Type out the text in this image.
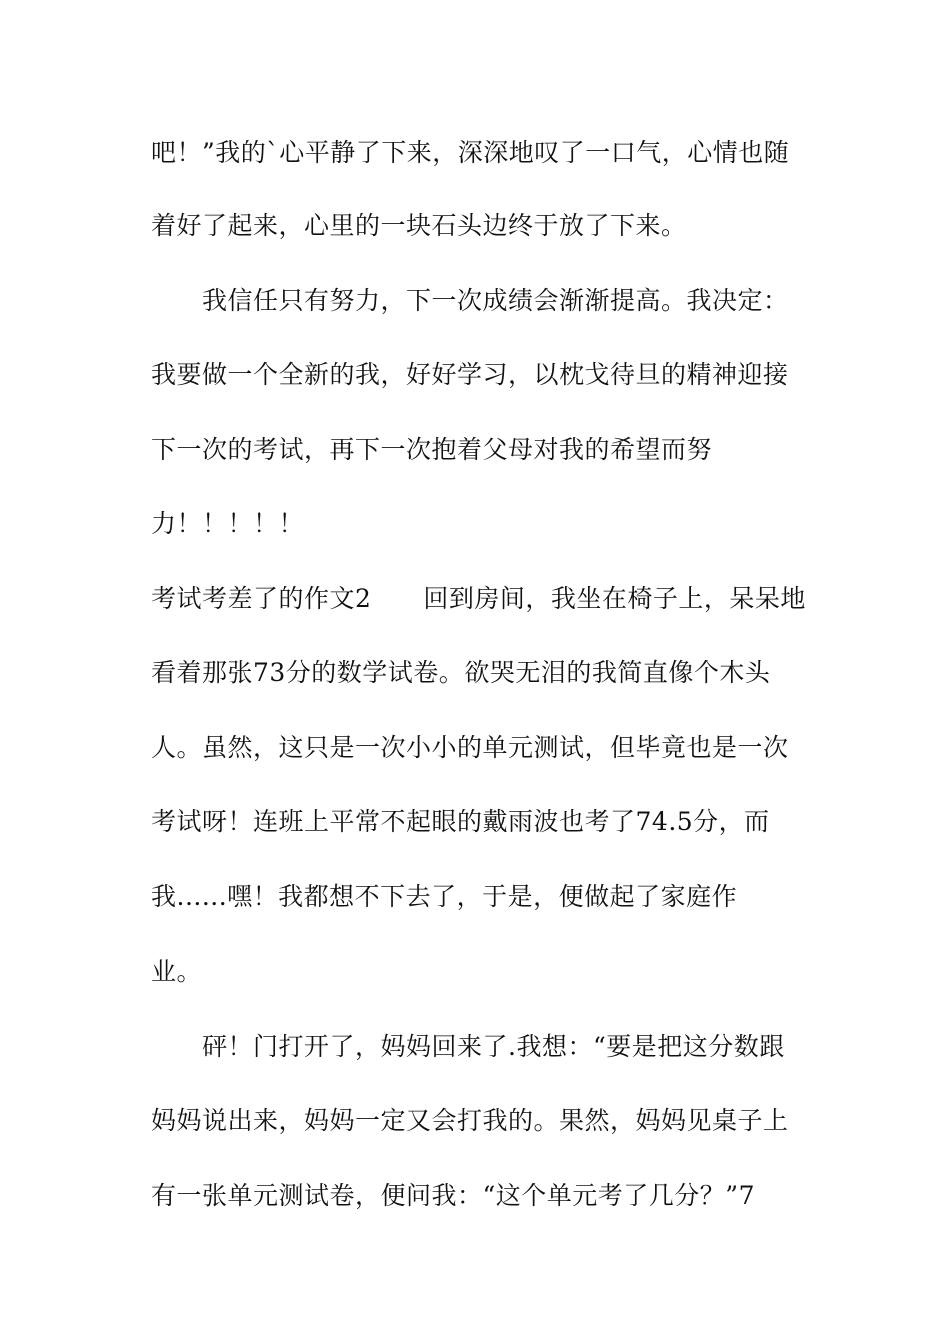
吧！”我的`心平静了下来，深深地叹了一口气，心情也随
着好了起来，心里的一块石头边终于放了下来。
我信任只有努力，下一次成绩会渐渐提高。我决定：
我要做一个全新的我，好好学习，以枕戈待旦的精神迎接
下一次的考试，再下一次抱着父母对我的希望而努
力！！！！！
考试考差了的作文2 回到房间，我坐在椅子上，呆呆地
看着那张73分的数学试卷。欲哭无泪的我简直像个木头
人。虽然，这只是一次小小的单元测试，但毕竟也是一次
考试呀！连班上平常不起眼的戴雨波也考了74.5分，而
我......嘿！我都想不下去了，于是，便做起了家庭作
业。
砰！门打开了，妈妈回来了.我想：“要是把这分数跟
妈妈说出来，妈妈一定又会打我的。果然，妈妈见桌子上
有一张单元测试卷，便问我：“这个单元考了几分？”7
